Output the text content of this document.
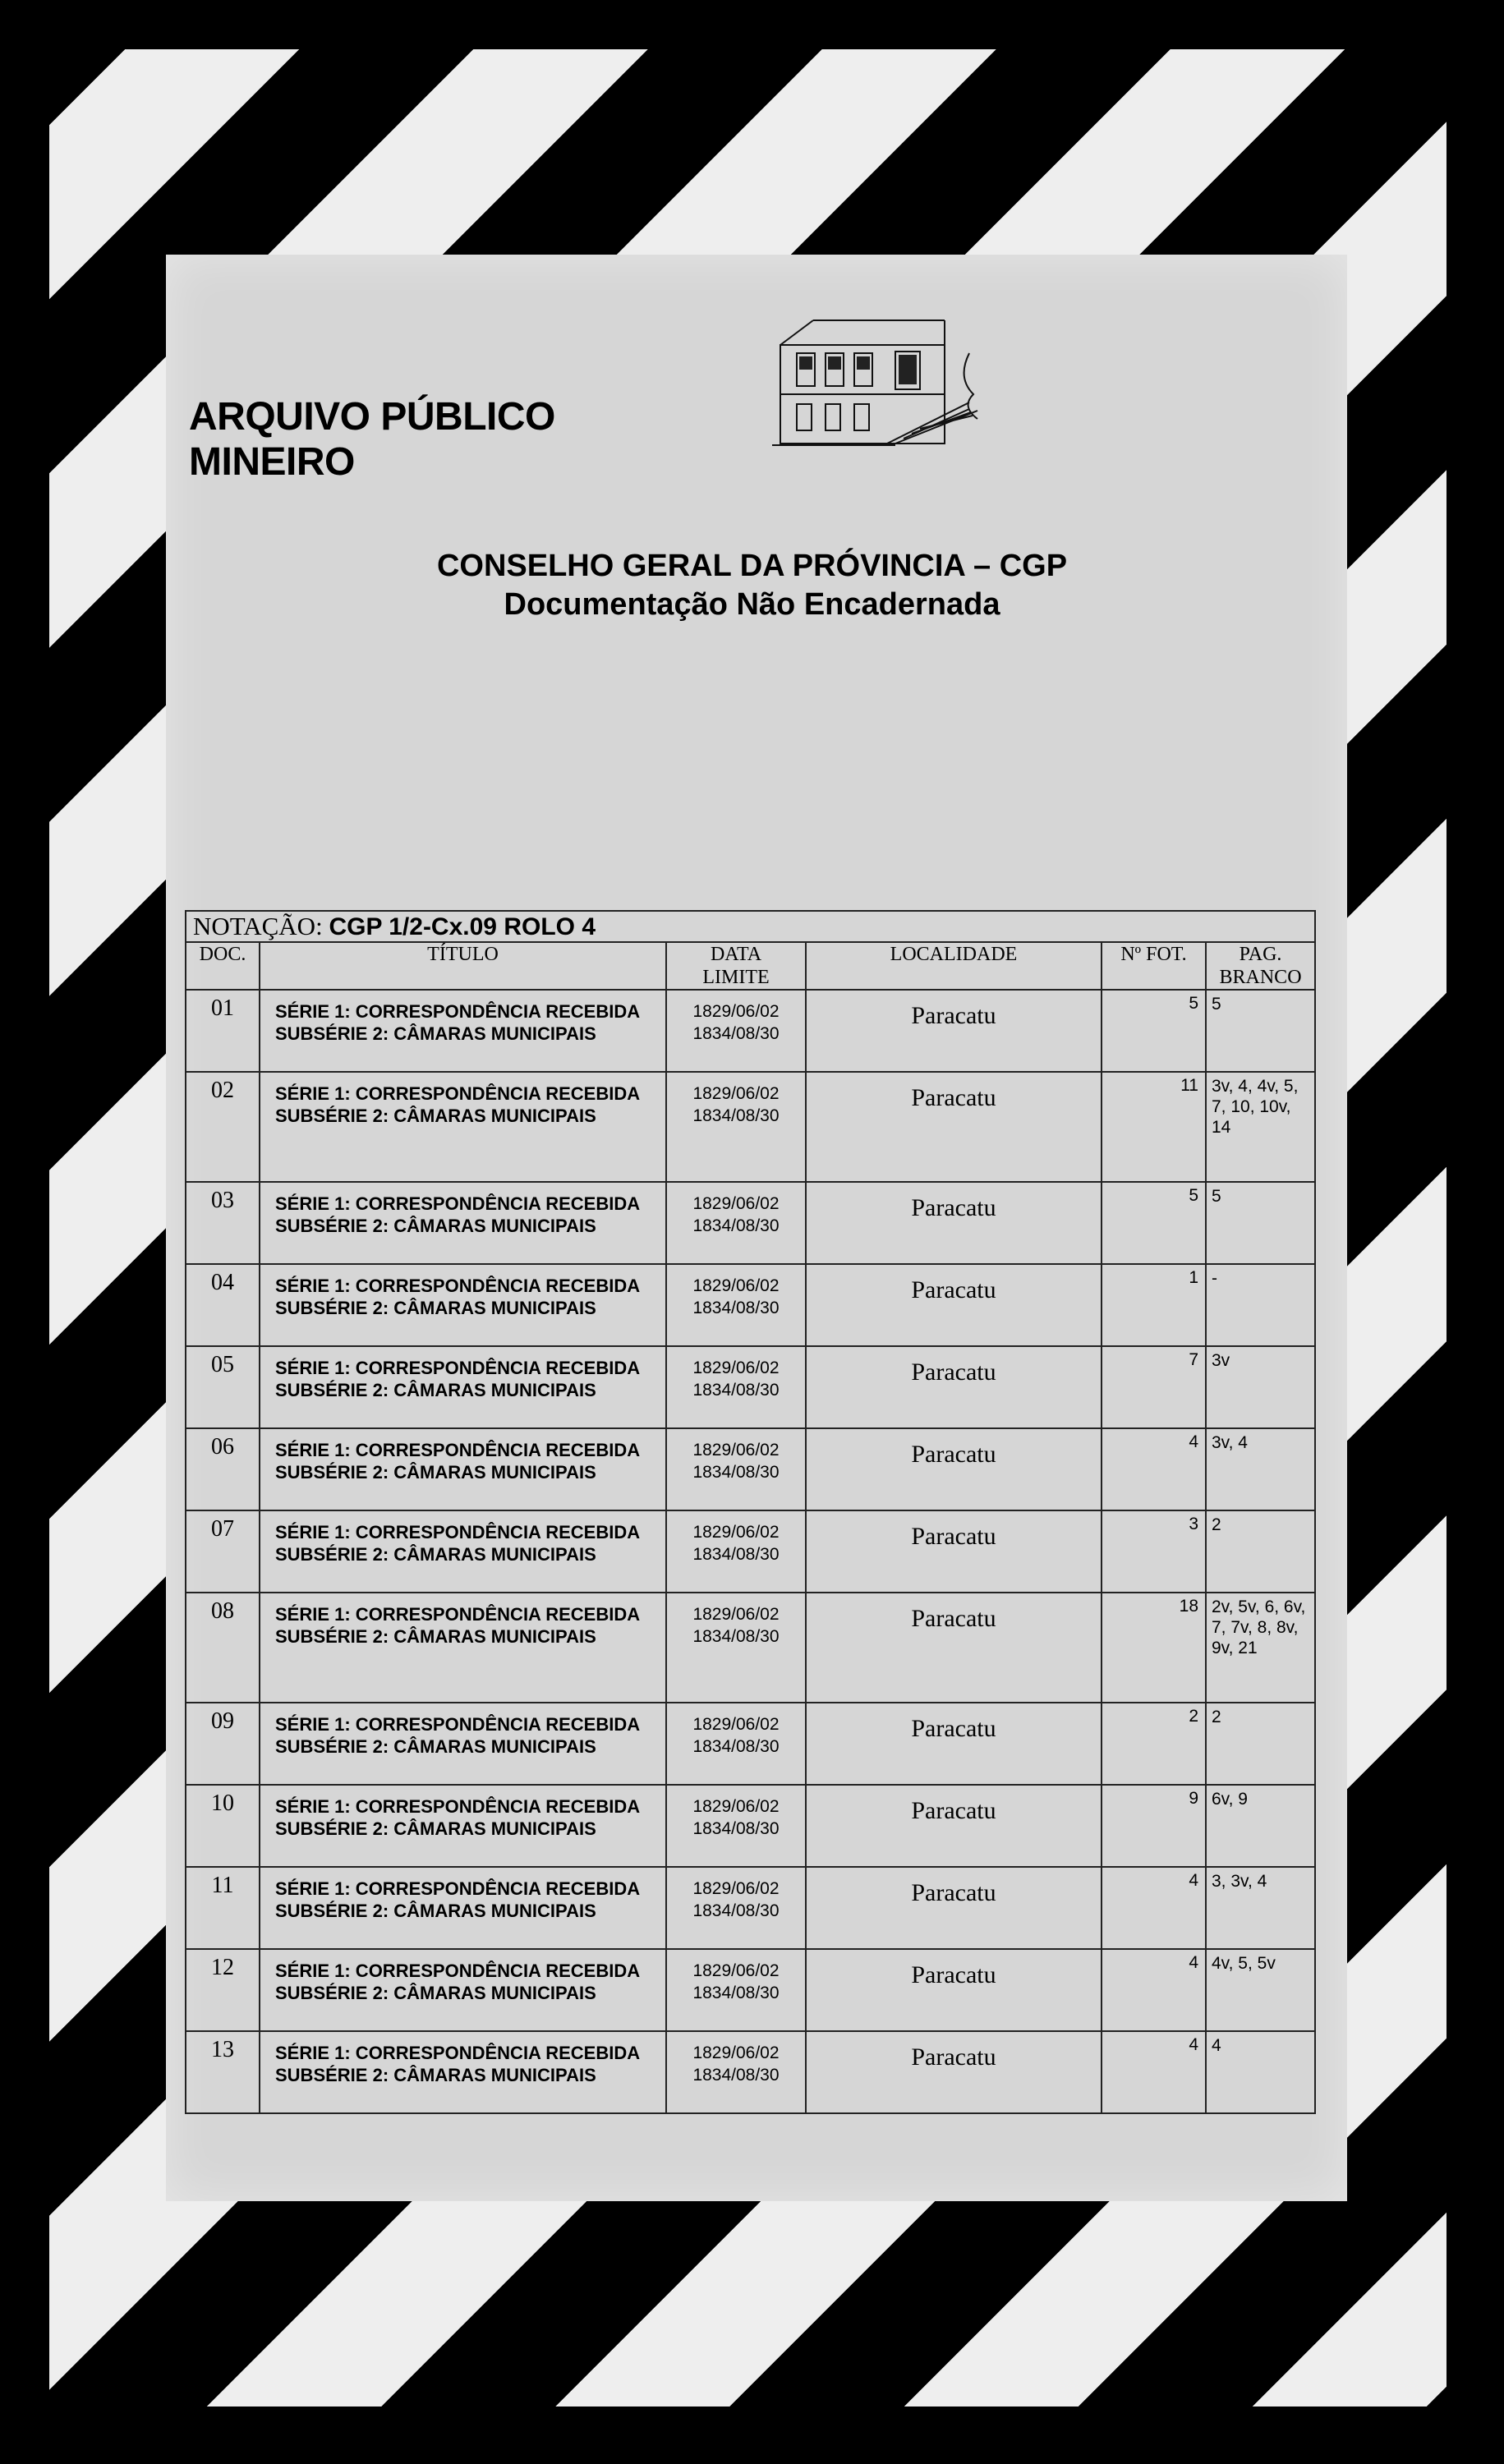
ARQUIVO PÚBLICO MINEIRO
CONSELHO GERAL DA PRÓVINCIA – CGP
Documentação Não Encadernada
NOTAÇÃO: CGP 1/2-Cx.09 ROLO 4					
DOC.	TÍTULO	DATA
LIMITE	LOCALIDADE	Nº FOT.	PAG.
BRANCO
01	SÉRIE 1: CORRESPONDÊNCIA RECEBIDA
SUBSÉRIE 2: CÂMARAS MUNICIPAIS	1829/06/02
1834/08/30	Paracatu	5	5
02	SÉRIE 1: CORRESPONDÊNCIA RECEBIDA
SUBSÉRIE 2: CÂMARAS MUNICIPAIS	1829/06/02
1834/08/30	Paracatu	11	3v, 4, 4v, 5, 7, 10, 10v, 14
03	SÉRIE 1: CORRESPONDÊNCIA RECEBIDA
SUBSÉRIE 2: CÂMARAS MUNICIPAIS	1829/06/02
1834/08/30	Paracatu	5	5
04	SÉRIE 1: CORRESPONDÊNCIA RECEBIDA
SUBSÉRIE 2: CÂMARAS MUNICIPAIS	1829/06/02
1834/08/30	Paracatu	1	-
05	SÉRIE 1: CORRESPONDÊNCIA RECEBIDA
SUBSÉRIE 2: CÂMARAS MUNICIPAIS	1829/06/02
1834/08/30	Paracatu	7	3v
06	SÉRIE 1: CORRESPONDÊNCIA RECEBIDA
SUBSÉRIE 2: CÂMARAS MUNICIPAIS	1829/06/02
1834/08/30	Paracatu	4	3v, 4
07	SÉRIE 1: CORRESPONDÊNCIA RECEBIDA
SUBSÉRIE 2: CÂMARAS MUNICIPAIS	1829/06/02
1834/08/30	Paracatu	3	2
08	SÉRIE 1: CORRESPONDÊNCIA RECEBIDA
SUBSÉRIE 2: CÂMARAS MUNICIPAIS	1829/06/02
1834/08/30	Paracatu	18	2v, 5v, 6, 6v, 7, 7v, 8, 8v, 9v, 21
09	SÉRIE 1: CORRESPONDÊNCIA RECEBIDA
SUBSÉRIE 2: CÂMARAS MUNICIPAIS	1829/06/02
1834/08/30	Paracatu	2	2
10	SÉRIE 1: CORRESPONDÊNCIA RECEBIDA
SUBSÉRIE 2: CÂMARAS MUNICIPAIS	1829/06/02
1834/08/30	Paracatu	9	6v, 9
11	SÉRIE 1: CORRESPONDÊNCIA RECEBIDA
SUBSÉRIE 2: CÂMARAS MUNICIPAIS	1829/06/02
1834/08/30	Paracatu	4	3, 3v, 4
12	SÉRIE 1: CORRESPONDÊNCIA RECEBIDA
SUBSÉRIE 2: CÂMARAS MUNICIPAIS	1829/06/02
1834/08/30	Paracatu	4	4v, 5, 5v
13	SÉRIE 1: CORRESPONDÊNCIA RECEBIDA
SUBSÉRIE 2: CÂMARAS MUNICIPAIS	1829/06/02
1834/08/30	Paracatu	4	4
